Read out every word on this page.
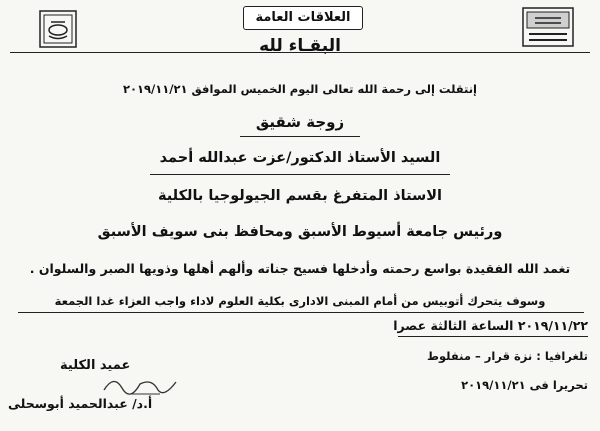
العلاقات العامة
البقـاء لله
إنتقلت إلى رحمة الله تعالى اليوم الخميس الموافق ٢٠١٩/١١/٢١
زوجة شقيق
السيد الأستاذ الدكتور/عزت عبدالله أحمد
الاستاذ المتفرغ بقسم الجيولوجيا بالكلية
ورئيس جامعة أسيوط الأسبق ومحافظ بنى سويف الأسبق
تغمد الله الفقيدة بواسع رحمته وأدخلها فسيح جناته وألهم أهلها وذويها الصبر والسلوان .
وسوف يتحرك أتوبيس من أمام المبنى الادارى بكلية العلوم لاداء واجب العزاء غدا الجمعة
٢٠١٩/١١/٢٢ الساعة الثالثة عصرا
تلغرافيا : نزة قرار – منفلوط
تحريرا فى ٢٠١٩/١١/٢١
عميد الكلية
أ.د/ عبدالحميد أبوسحلى
